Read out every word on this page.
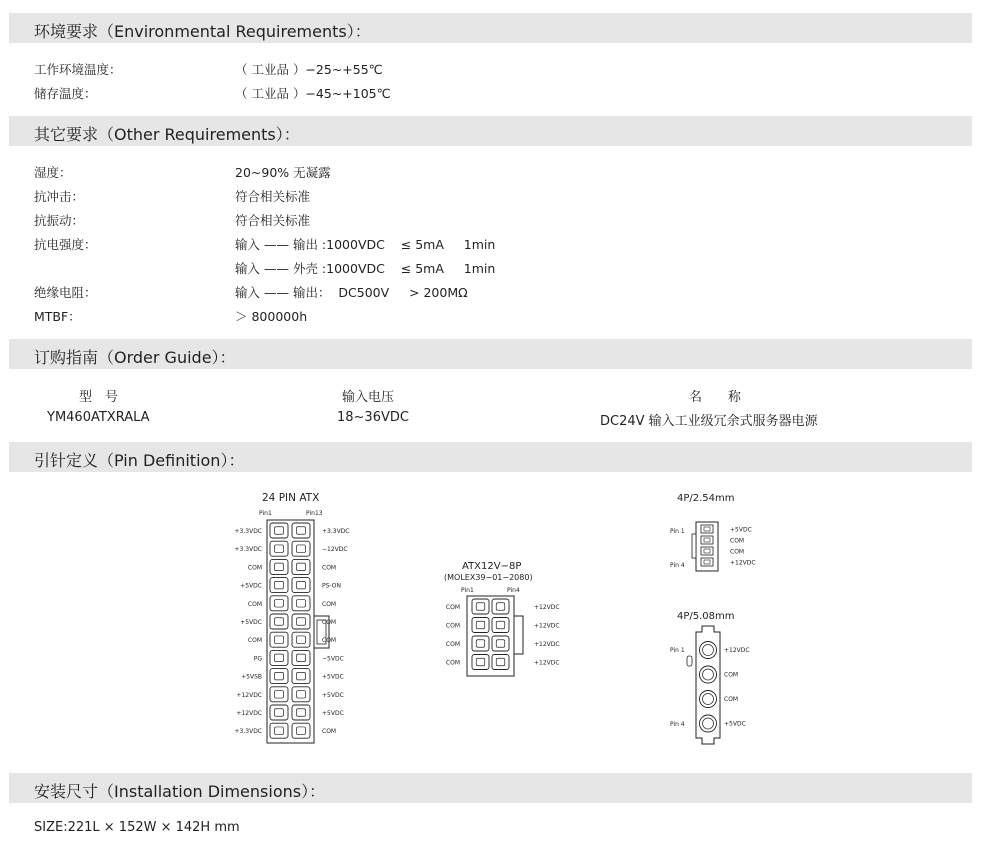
环境要求（Environmental Requirements）：
工作环境温度：	（ 工业品 ）−25~+55℃
储存温度：	（ 工业品 ）−45~+105℃
其它要求（Other Requirements）：
湿度：	20~90% 无凝露
抗冲击：	符合相关标准
抗振动：	符合相关标准
抗电强度：	输入 —— 输出 :1000VDC    ≤ 5mA     1min
输入 —— 外壳 :1000VDC    ≤ 5mA     1min
绝缘电阻：	输入 —— 输出：  DC500V     > 200MΩ
MTBF：	＞ 800000h
订购指南（Order Guide）：
型　号	输入电压	名　　称
YM460ATXRALA	18~36VDC	DC24V 输入工业级冗余式服务器电源
引针定义（Pin Definition）：
24 PIN ATX
Pin1	Pin13
+3.3VDC	+3.3VDC
+3.3VDC	−12VDC
COM	COM
+5VDC	PS-ON
COM	COM
+5VDC	COM
COM	COM
PG	−5VDC
+5VSB	+5VDC
+12VDC	+5VDC
+12VDC	+5VDC
+3.3VDC	COM
ATX12V−8P
(MOLEX39−01−2080)
Pin1	Pin4
COM	+12VDC
COM	+12VDC
COM	+12VDC
COM	+12VDC
4P/2.54mm
Pin 1
Pin 4
+5VDC
COM
COM
+12VDC
4P/5.08mm
Pin 1
Pin 4
+12VDC
COM
COM
+5VDC
安装尺寸（Installation Dimensions）：
SIZE:221L × 152W × 142H mm
